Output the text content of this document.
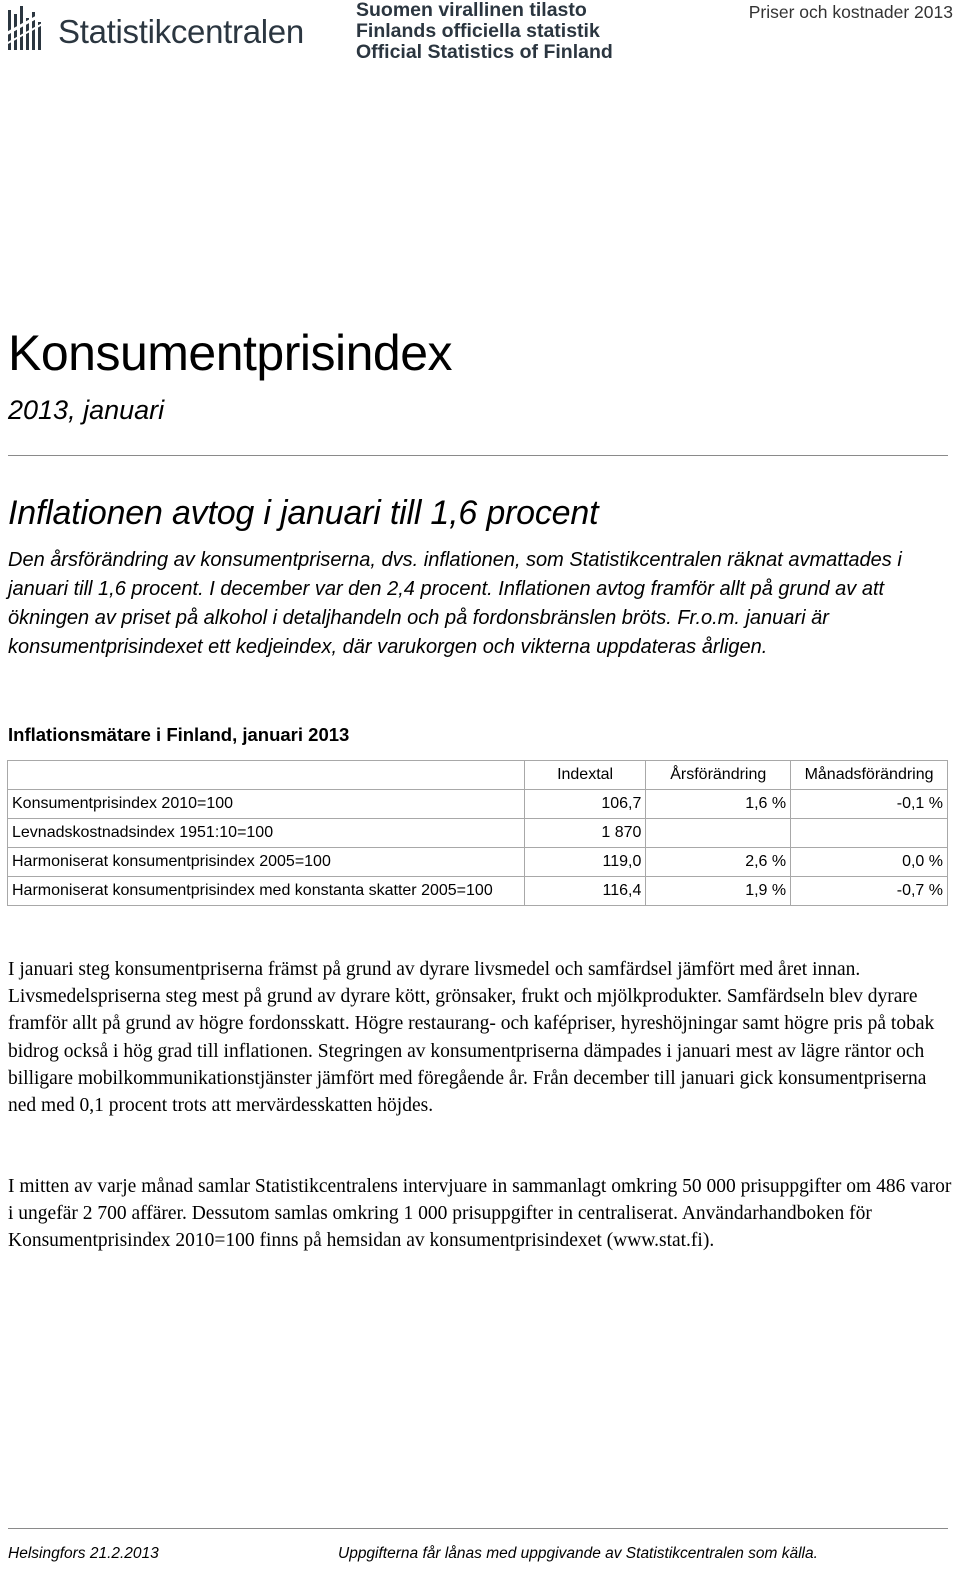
Statistikcentralen
Suomen virallinen tilasto
Finlands officiella statistik
Official Statistics of Finland
Priser och kostnader 2013
Konsumentprisindex
2013, januari
Inflationen avtog i januari till 1,6 procent

Den årsförändring av konsumentpriserna, dvs. inflationen, som Statistikcentralen räknat avmattades i januari till 1,6 procent. I december var den 2,4 procent. Inflationen avtog framför allt på grund av att ökningen av priset på alkohol i detaljhandeln och på fordonsbränslen bröts. Fr.o.m. januari är konsumentprisindexet ett kedjeindex, där varukorgen och vikterna uppdateras årligen.

Inflationsmätare i Finland, januari 2013
	Indextal	Årsförändring	Månadsförändring
Konsumentprisindex 2010=100	106,7	1,6 %	-0,1 %
Levnadskostnadsindex 1951:10=100	1 870		
Harmoniserat konsumentprisindex 2005=100	119,0	2,6 %	0,0 %
Harmoniserat konsumentprisindex med konstanta skatter 2005=100	116,4	1,9 %	-0,7 %

I januari steg konsumentpriserna främst på grund av dyrare livsmedel och samfärdsel jämfört med året innan. Livsmedelspriserna steg mest på grund av dyrare kött, grönsaker, frukt och mjölkprodukter. Samfärdseln blev dyrare framför allt på grund av högre fordonsskatt. Högre restaurang- och kafépriser, hyreshöjningar samt högre pris på tobak bidrog också i hög grad till inflationen. Stegringen av konsumentpriserna dämpades i januari mest av lägre räntor och billigare mobilkommunikationstjänster jämfört med föregående år. Från december till januari gick konsumentpriserna ned med 0,1 procent trots att mervärdesskatten höjdes.

I mitten av varje månad samlar Statistikcentralens intervjuare in sammanlagt omkring 50 000 prisuppgifter om 486 varor i ungefär 2 700 affärer. Dessutom samlas omkring 1 000 prisuppgifter in centraliserat. Användarhandboken för Konsumentprisindex 2010=100 finns på hemsidan av konsumentprisindexet (www.stat.fi).

Helsingfors 21.2.2013	Uppgifterna får lånas med uppgivande av Statistikcentralen som källa.
